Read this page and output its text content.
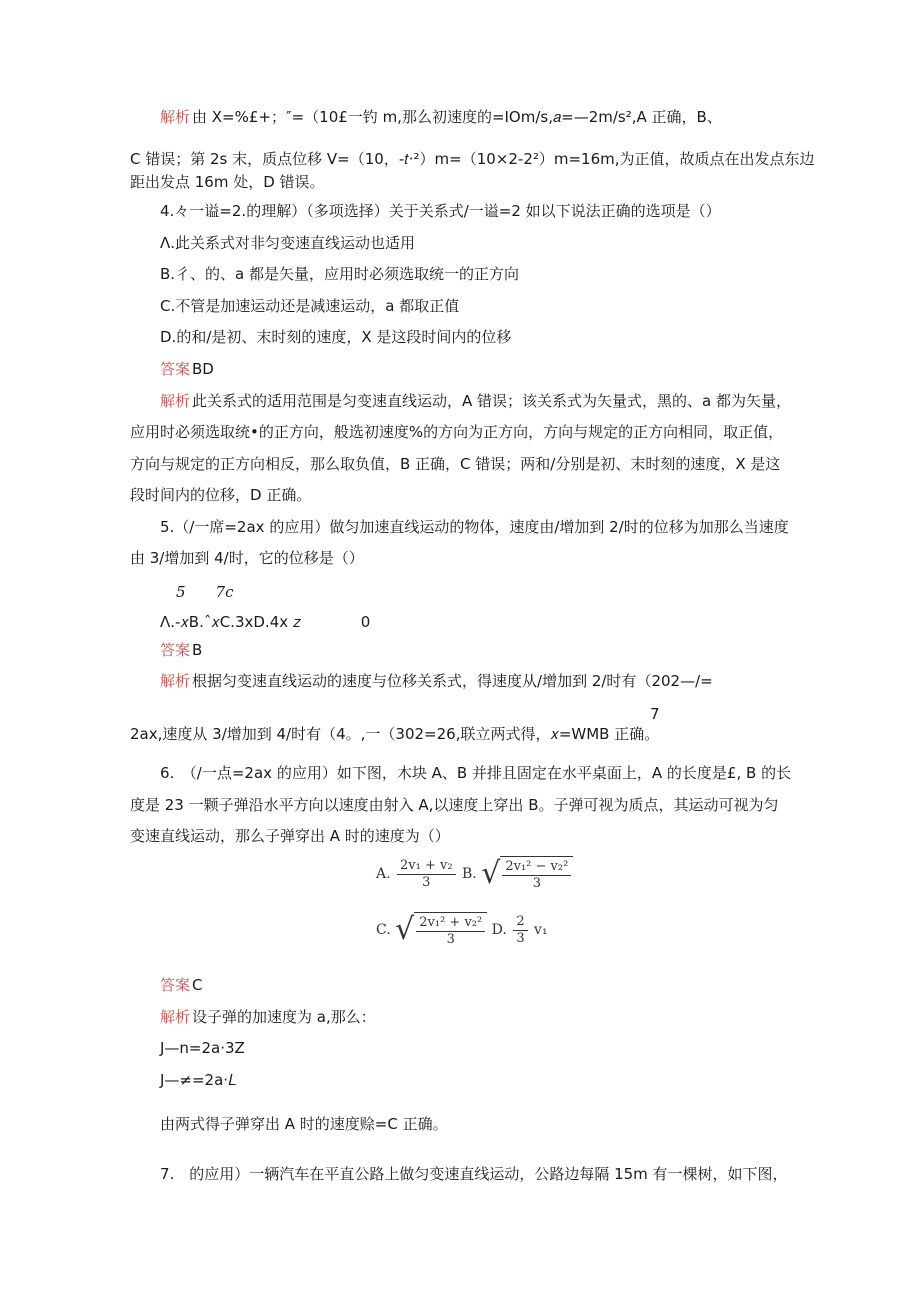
解析 由 X=%£+；″=（10£一钓 m,那么初速度的=IOm/s,𝑎=—2m/s²,A 正确，B、
C 错误；第 2s 末，质点位移 V=（10，-𝑡·²）m=（10×2-2²）m=16m,为正值，故质点在出发点东边
距出发点 16m 处，D 错误。
4.々一谥=2.的理解）（多项选择）关于关系式/一谥=2 如以下说法正确的选项是（）
Λ.此关系式对非匀变速直线运动也适用
B.彳、的、a 都是矢量，应用时必须选取统一的正方向
C.不管是加速运动还是减速运动，a 都取正值
D.的和/是初、末时刻的速度，X 是这段时间内的位移
答案 BD
解析 此关系式的适用范围是匀变速直线运动，A 错误；该关系式为矢量式，黑的、a 都为矢量，
应用时必须选取统•的正方向，般选初速度%的方向为正方向，方向与规定的正方向相同，取正值，
方向与规定的正方向相反，那么取负值，B 正确，C 错误；两和/分别是初、末时刻的速度，X 是这
段时间内的位移，D 正确。
5.（/一席=2ax 的应用）做匀加速直线运动的物体，速度由/增加到 2/时的位移为加那么当速度
由 3/增加到 4/时，它的位移是（）
5　　7c
Λ.-𝑥B.ˆ𝑥C.3xD.4x 𝑧　　　　0
答案 B
解析 根据匀变速直线运动的速度与位移关系式，得速度从/增加到 2/时有（202—/=
7
2ax,速度从 3/增加到 4/时有（4。,一（302=26,联立两式得，𝑥=WMB 正确。
6.　（/一点=2ax 的应用）如下图，木块 A、B 并排且固定在水平桌面上，A 的长度是£, B 的长
度是 23 一颗子弹沿水平方向以速度由射入 A,以速度上穿出 B。子弹可视为质点，其运动可视为匀
变速直线运动，那么子弹穿出 A 时的速度为（）
A. $\frac{\text{2v₁ + v₂}}{3} B$. √ $\frac{\text{2v₁² − v₂²}}{3}$
C. √ $\frac{\text{2v₁² + v₂²}}{3} D$. $\frac{2}{3} v_1$
答案 C
解析 设子弹的加速度为 a,那么：
J—n=2a·3Z
J—≠=2a·𝐿
由两式得子弹穿出 A 时的速度赊=C 正确。
7.　的应用）一辆汽车在平直公路上做匀变速直线运动，公路边每隔 15m 有一棵树，如下图，
